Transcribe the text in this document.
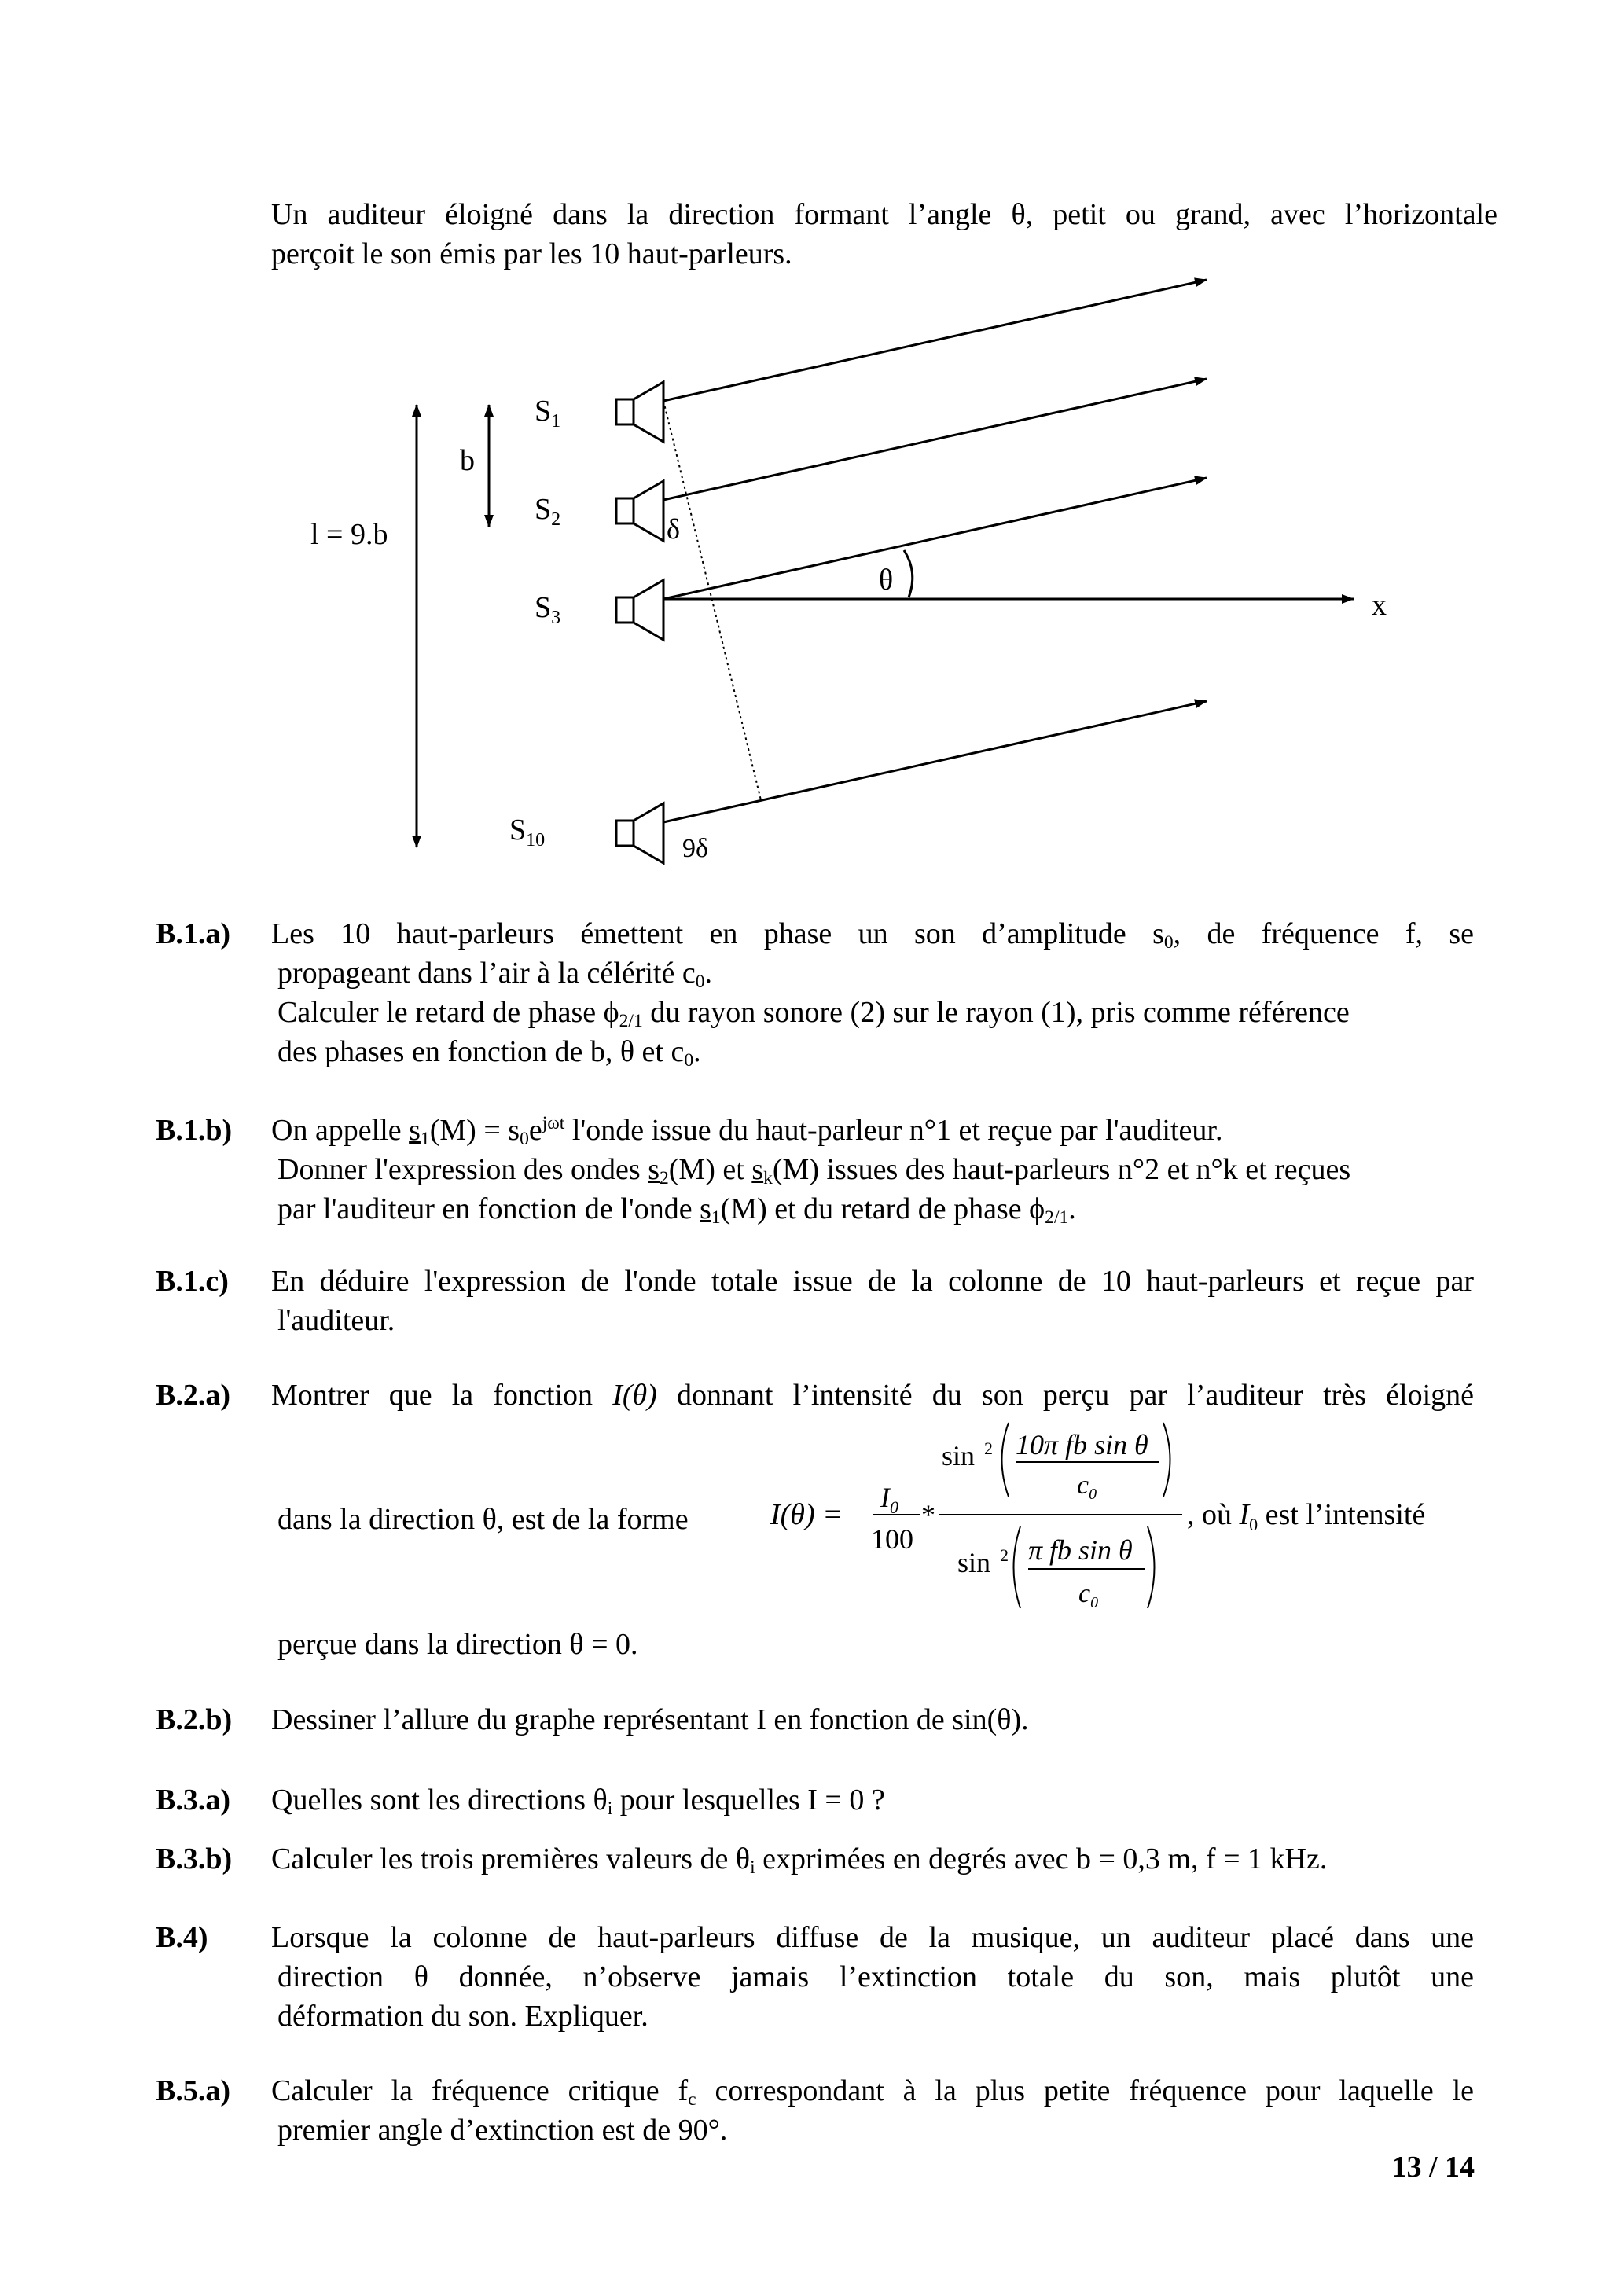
Un auditeur éloigné dans la direction formant l’angle θ, petit ou grand, avec l’horizontale

perçoit le son émis par les 10 haut-parleurs.

l = 9.b
b
$S_1$
$S_2$
$S_3$
$S_{10}$
x
δ
9δ
θ
B.1.a) Les 10 haut-parleurs émettent en phase un son d’amplitude $s_0$, de fréquence f, se

propageant dans l’air à la célérité $c_0$.

Calculer le retard de phase $\phi_{2/1}$ du rayon sonore (2) sur le rayon (1), pris comme référence

des phases en fonction de b, θ et $c_0$.

B.1.b) On appelle $s_1(M) = s_0e^{j\omega t}$ l'onde issue du haut-parleur n°1 et reçue par l'auditeur.

Donner l'expression des ondes $s_2(M)$ et $s_k(M)$ issues des haut-parleurs n°2 et n°k et reçues

par l'auditeur en fonction de l'onde $s_1(M)$ et du retard de phase $\phi_{2/1}$.

B.1.c) En déduire l'expression de l'onde totale issue de la colonne de 10 haut-parleurs et reçue par

l'auditeur.

B.2.a) Montrer que la fonction I(θ) donnant l’intensité du son perçu par l’auditeur très éloigné

dans la direction θ, est de la forme	I(θ) =
$I_0$
100
*
sin 2 10π fb sin θ
$c_0$
sin 2 π fb sin θ
$c_0$
, où $I_0$ est l’intensité
perçue dans la direction θ = 0.
B.2.b) Dessiner l’allure du graphe représentant I en fonction de sin(θ).
B.3.a) Quelles sont les directions $\theta_i$ pour lesquelles I = 0 ?
B.3.b) Calculer les trois premières valeurs de $\theta_i$ exprimées en degrés avec b = 0,3 m, f = 1 kHz.
B.4) Lorsque la colonne de haut-parleurs diffuse de la musique, un auditeur placé dans une

direction θ donnée, n’observe jamais l’extinction totale du son, mais plutôt une

déformation du son. Expliquer.

B.5.a) Calculer la fréquence critique $f_c$ correspondant à la plus petite fréquence pour laquelle le

premier angle d’extinction est de 90°.

13 / 14
